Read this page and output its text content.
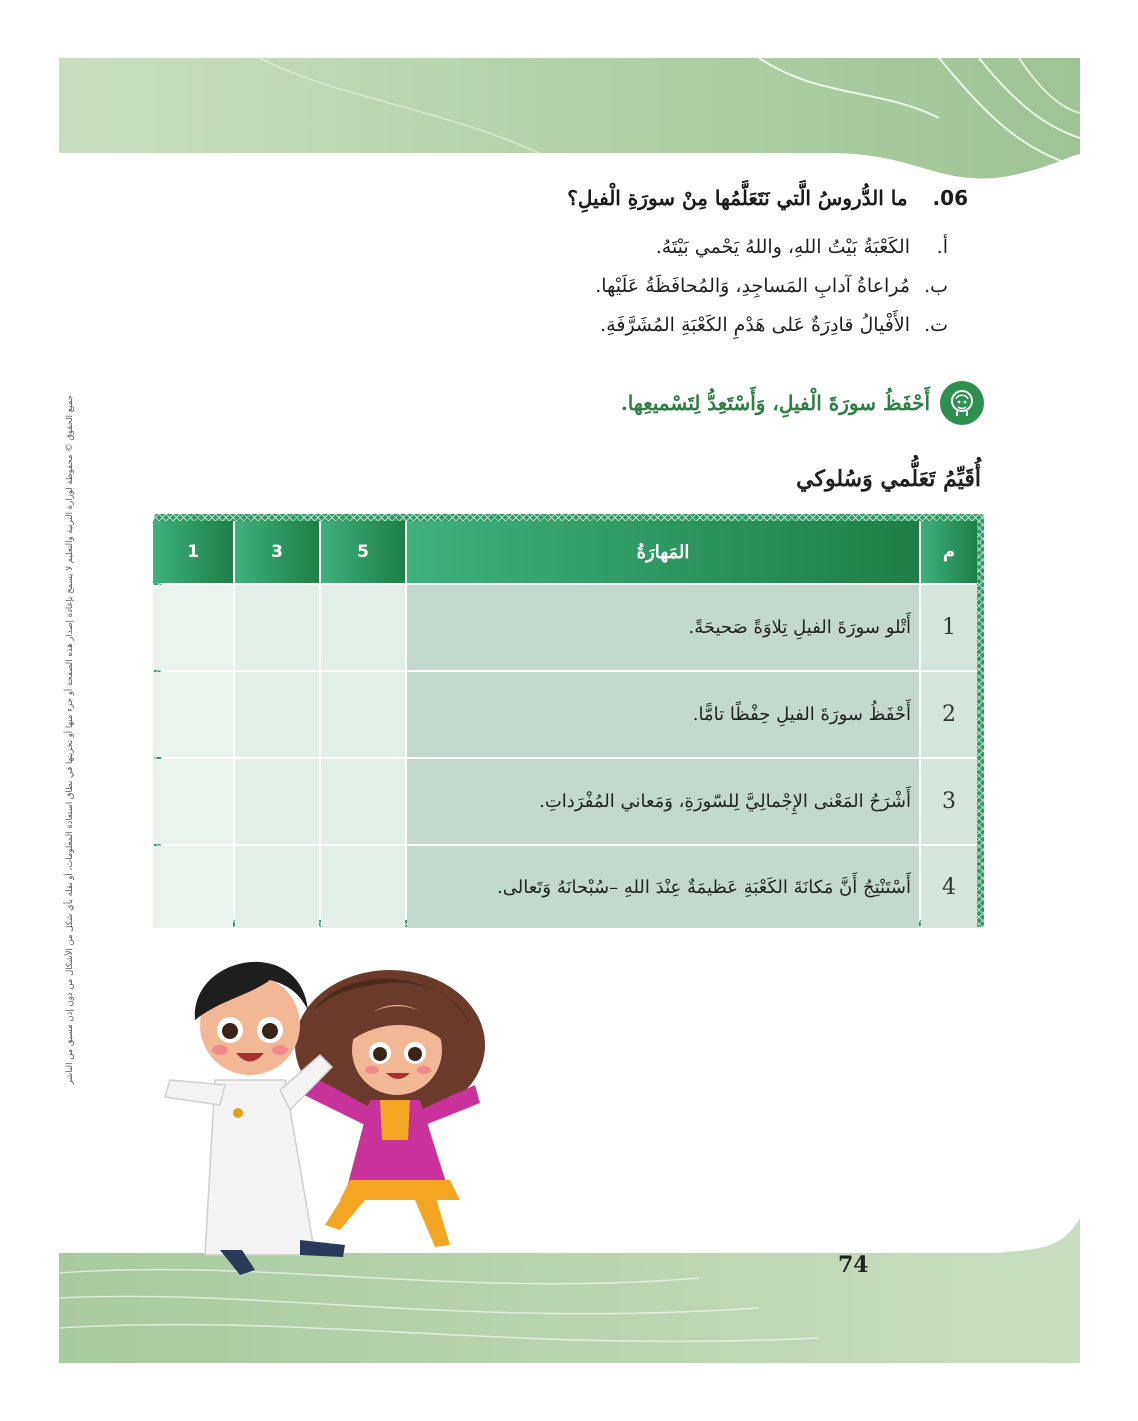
74
جميع الحقوق © محفوظة لوزارة التربية والتعليم لا يسمح بإعادة إصدار هذه الصفحة أو جزء منها أو تخزينها في نطاق استعادة المعلومات، أو نقله بأي شكل من الأشكال من دون إذن مسبق من الناشر
06. ما الدُّروسُ الَّتي نَتَعَلَّمُها مِنْ سورَةِ الْفيلِ؟
أ.الكَعْبَةُ بَيْتُ اللهِ، واللهُ يَحْمي بَيْتَهُ.
ب.مُراعاةُ آدابِ المَساجِدِ، وَالمُحافَظَةُ عَلَيْها.
ت.الأَفْيالُ قادِرَةٌ عَلى هَدْمِ الكَعْبَةِ المُشَرَّفَةِ.
أَحْفَظُ سورَةَ الْفيلِ، وَأَسْتَعِدُّ لِتَسْميعِها.
أُقَيِّمُ تَعَلُّمي وَسُلوكي
م
المَهارَةُ
5
3
1
1
أَتْلو سورَةَ الفيلِ تِلاوَةً صَحيحَةً.
2
أَحْفَظُ سورَةَ الفيلِ حِفْظًا تامًّا.
3
أَشْرَحُ المَعْنى الإِجْمالِيَّ لِلسّورَةِ، وَمَعاني المُفْرَداتِ.
4
أَسْتَنْتِجُ أَنَّ مَكانَةَ الكَعْبَةِ عَظيمَةٌ عِنْدَ اللهِ –سُبْحانَهُ وَتَعالى.
